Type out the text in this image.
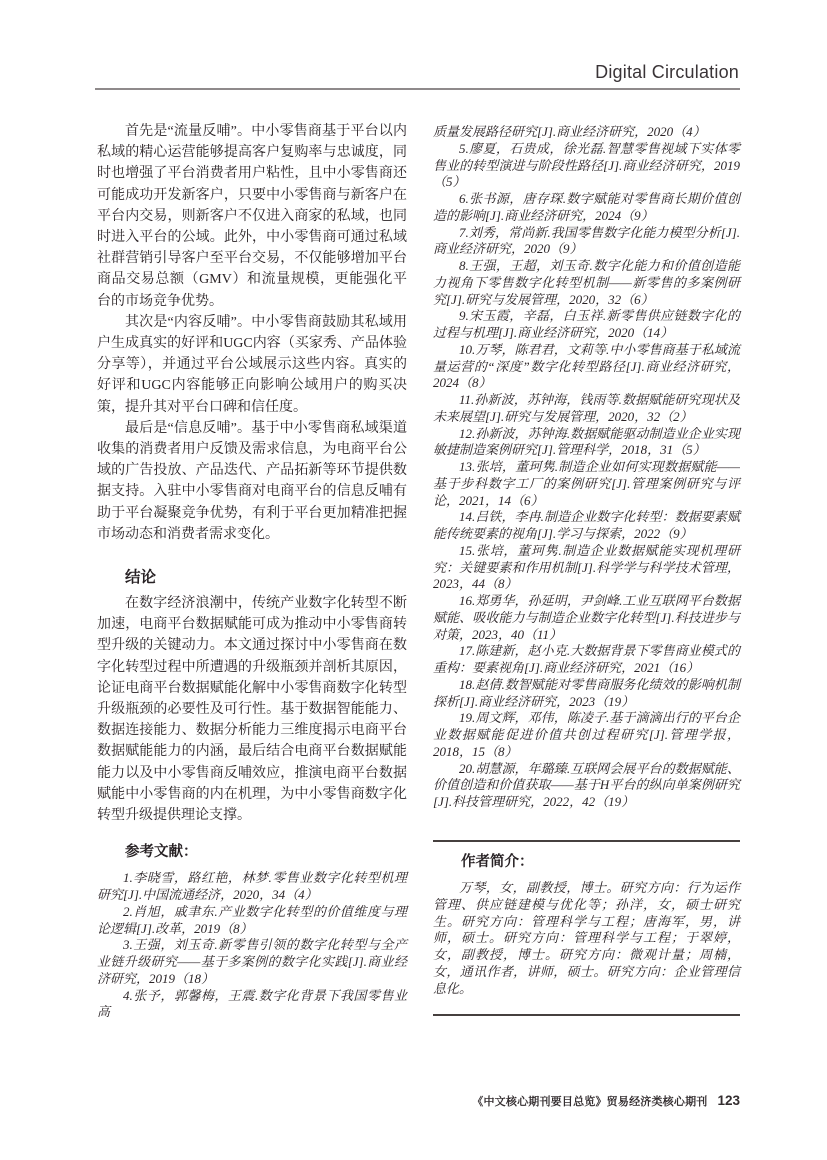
Digital Circulation

首先是“流量反哺”。中小零售商基于平台以内私域的精心运营能够提高客户复购率与忠诚度，同时也增强了平台消费者用户粘性，且中小零售商还可能成功开发新客户，只要中小零售商与新客户在平台内交易，则新客户不仅进入商家的私域，也同时进入平台的公域。此外，中小零售商可通过私域社群营销引导客户至平台交易，不仅能够增加平台商品交易总额（GMV）和流量规模，更能强化平台的市场竞争优势。

其次是“内容反哺”。中小零售商鼓励其私域用户生成真实的好评和UGC内容（买家秀、产品体验分享等），并通过平台公域展示这些内容。真实的好评和UGC内容能够正向影响公域用户的购买决策，提升其对平台口碑和信任度。

最后是“信息反哺”。基于中小零售商私域渠道收集的消费者用户反馈及需求信息，为电商平台公域的广告投放、产品迭代、产品拓新等环节提供数据支持。入驻中小零售商对电商平台的信息反哺有助于平台凝聚竞争优势，有利于平台更加精准把握市场动态和消费者需求变化。

结论

在数字经济浪潮中，传统产业数字化转型不断加速，电商平台数据赋能可成为推动中小零售商转型升级的关键动力。本文通过探讨中小零售商在数字化转型过程中所遭遇的升级瓶颈并剖析其原因，论证电商平台数据赋能化解中小零售商数字化转型升级瓶颈的必要性及可行性。基于数据智能能力、数据连接能力、数据分析能力三维度揭示电商平台数据赋能能力的内涵，最后结合电商平台数据赋能能力以及中小零售商反哺效应，推演电商平台数据赋能中小零售商的内在机理，为中小零售商数字化转型升级提供理论支撑。

参考文献：

1.李晓雪，路红艳，林梦.零售业数字化转型机理研究[J].中国流通经济，2020，34（4）

2.肖旭，戚聿东.产业数字化转型的价值维度与理论逻辑[J].改革，2019（8）

3.王强，刘玉奇.新零售引领的数字化转型与全产业链升级研究——基于多案例的数字化实践[J].商业经济研究，2019（18）

4.张予，郭馨梅，王震.数字化背景下我国零售业高

质量发展路径研究[J].商业经济研究，2020（4）

5.廖夏，石贵成，徐光磊.智慧零售视域下实体零售业的转型演进与阶段性路径[J].商业经济研究，2019（5）

6.张书源，唐存琛.数字赋能对零售商长期价值创造的影响[J].商业经济研究，2024（9）

7.刘秀，常尚新.我国零售数字化能力模型分析[J].商业经济研究，2020（9）

8.王强，王超，刘玉奇.数字化能力和价值创造能力视角下零售数字化转型机制——新零售的多案例研究[J].研究与发展管理，2020，32（6）

9.宋玉霞，辛磊，白玉祥.新零售供应链数字化的过程与机理[J].商业经济研究，2020（14）

10.万琴，陈君君，文莉等.中小零售商基于私域流量运营的“深度”数字化转型路径[J].商业经济研究，2024（8）

11.孙新波，苏钟海，钱雨等.数据赋能研究现状及未来展望[J].研究与发展管理，2020，32（2）

12.孙新波，苏钟海.数据赋能驱动制造业企业实现敏捷制造案例研究[J].管理科学，2018，31（5）

13.张培，董珂隽.制造企业如何实现数据赋能——基于步科数字工厂的案例研究[J].管理案例研究与评论，2021，14（6）

14.吕铁，李冉.制造企业数字化转型：数据要素赋能传统要素的视角[J].学习与探索，2022（9）

15.张培，董珂隽.制造企业数据赋能实现机理研究：关键要素和作用机制[J].科学学与科学技术管理，2023，44（8）

16.郑勇华，孙延明，尹剑峰.工业互联网平台数据赋能、吸收能力与制造企业数字化转型[J].科技进步与对策，2023，40（11）

17.陈建新，赵小克.大数据背景下零售商业模式的重构：要素视角[J].商业经济研究，2021（16）

18.赵倩.数智赋能对零售商服务化绩效的影响机制探析[J].商业经济研究，2023（19）

19.周文辉，邓伟，陈凌子.基于滴滴出行的平台企业数据赋能促进价值共创过程研究[J].管理学报，2018，15（8）

20.胡慧源，年璐臻.互联网会展平台的数据赋能、价值创造和价值获取——基于H平台的纵向单案例研究[J].科技管理研究，2022，42（19）

作者简介：

万琴，女，副教授，博士。研究方向：行为运作管理、供应链建模与优化等；孙洋，女，硕士研究生。研究方向：管理科学与工程；唐海军，男，讲师，硕士。研究方向：管理科学与工程；于翠婷，女，副教授，博士。研究方向：微观计量；周楠，女，通讯作者，讲师，硕士。研究方向：企业管理信息化。

《中文核心期刊要目总览》贸易经济类核心期刊 123
